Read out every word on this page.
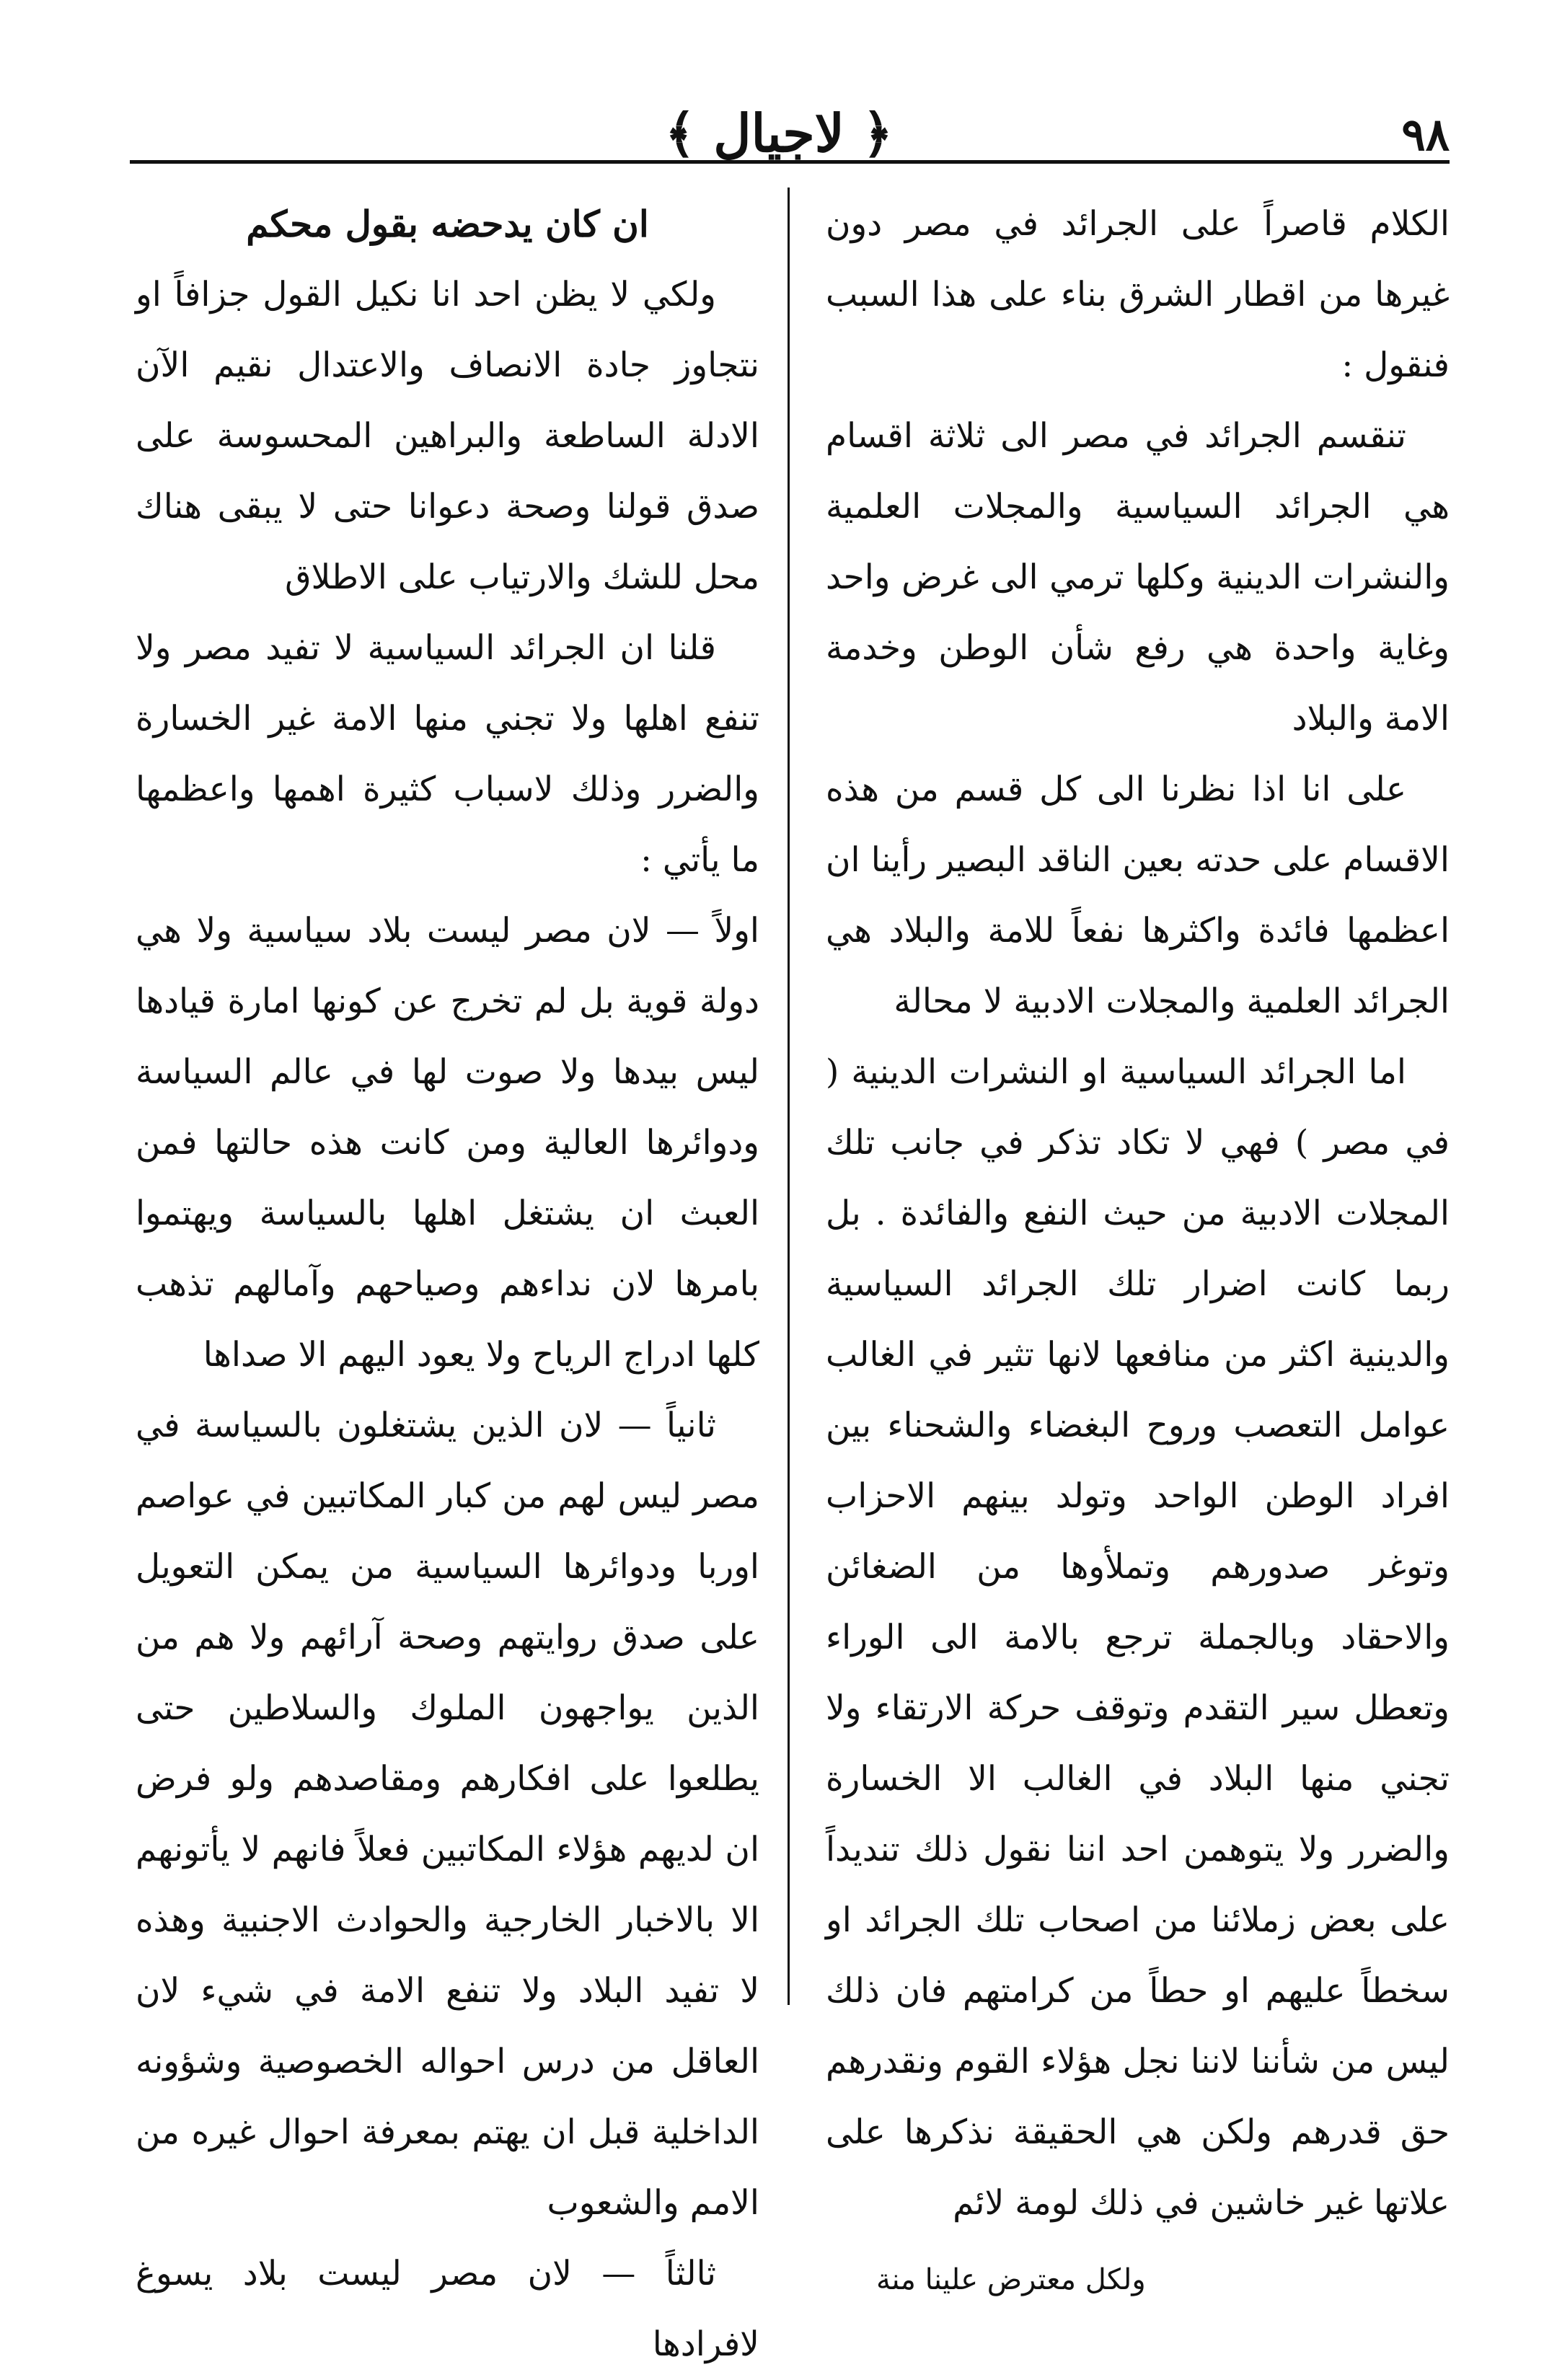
٩٨
﴿ لاجيال ﴾

الكلام قاصراً على الجرائد في مصر دون غيرها من اقطار الشرق بناء على هذا السبب فنقول :

تنقسم الجرائد في مصر الى ثلاثة اقسام هي الجرائد السياسية والمجلات العلمية والنشرات الدينية وكلها ترمي الى غرض واحد وغاية واحدة هي رفع شأن الوطن وخدمة الامة والبلاد

على انا اذا نظرنا الى كل قسم من هذه الاقسام على حدته بعين الناقد البصير رأينا ان اعظمها فائدة واكثرها نفعاً للامة والبلاد هي الجرائد العلمية والمجلات الادبية لا محالة

اما الجرائد السياسية او النشرات الدينية ( في مصر ) فهي لا تكاد تذكر في جانب تلك المجلات الادبية من حيث النفع والفائدة . بل ربما كانت اضرار تلك الجرائد السياسية والدينية اكثر من منافعها لانها تثير في الغالب عوامل التعصب وروح البغضاء والشحناء بين افراد الوطن الواحد وتولد بينهم الاحزاب وتوغر صدورهم وتملأوها من الضغائن والاحقاد وبالجملة ترجع بالامة الى الوراء وتعطل سير التقدم وتوقف حركة الارتقاء ولا تجني منها البلاد في الغالب الا الخسارة والضرر ولا يتوهمن احد اننا نقول ذلك تنديداً على بعض زملائنا من اصحاب تلك الجرائد او سخطاً عليهم او حطاً من كرامتهم فان ذلك ليس من شأننا لاننا نجل هؤلاء القوم ونقدرهم حق قدرهم ولكن هي الحقيقة نذكرها على علاتها غير خاشين في ذلك لومة لائم

ولكل معترض علينا منة

ان كان يدحضه بقول محكم

ولكي لا يظن احد انا نكيل القول جزافاً او نتجاوز جادة الانصاف والاعتدال نقيم الآن الادلة الساطعة والبراهين المحسوسة على صدق قولنا وصحة دعوانا حتى لا يبقى هناك محل للشك والارتياب على الاطلاق

قلنا ان الجرائد السياسية لا تفيد مصر ولا تنفع اهلها ولا تجني منها الامة غير الخسارة والضرر وذلك لاسباب كثيرة اهمها واعظمها ما يأتي :

اولاً — لان مصر ليست بلاد سياسية ولا هي دولة قوية بل لم تخرج عن كونها امارة قيادها ليس بيدها ولا صوت لها في عالم السياسة ودوائرها العالية ومن كانت هذه حالتها فمن العبث ان يشتغل اهلها بالسياسة ويهتموا بامرها لان نداءهم وصياحهم وآمالهم تذهب كلها ادراج الرياح ولا يعود اليهم الا صداها

ثانياً — لان الذين يشتغلون بالسياسة في مصر ليس لهم من كبار المكاتبين في عواصم اوربا ودوائرها السياسية من يمكن التعويل على صدق روايتهم وصحة آرائهم ولا هم من الذين يواجهون الملوك والسلاطين حتى يطلعوا على افكارهم ومقاصدهم ولو فرض ان لديهم هؤلاء المكاتبين فعلاً فانهم لا يأتونهم الا بالاخبار الخارجية والحوادث الاجنبية وهذه لا تفيد البلاد ولا تنفع الامة في شيء لان العاقل من درس احواله الخصوصية وشؤونه الداخلية قبل ان يهتم بمعرفة احوال غيره من الامم والشعوب

ثالثاً — لان مصر ليست بلاد يسوغ لافرادها
